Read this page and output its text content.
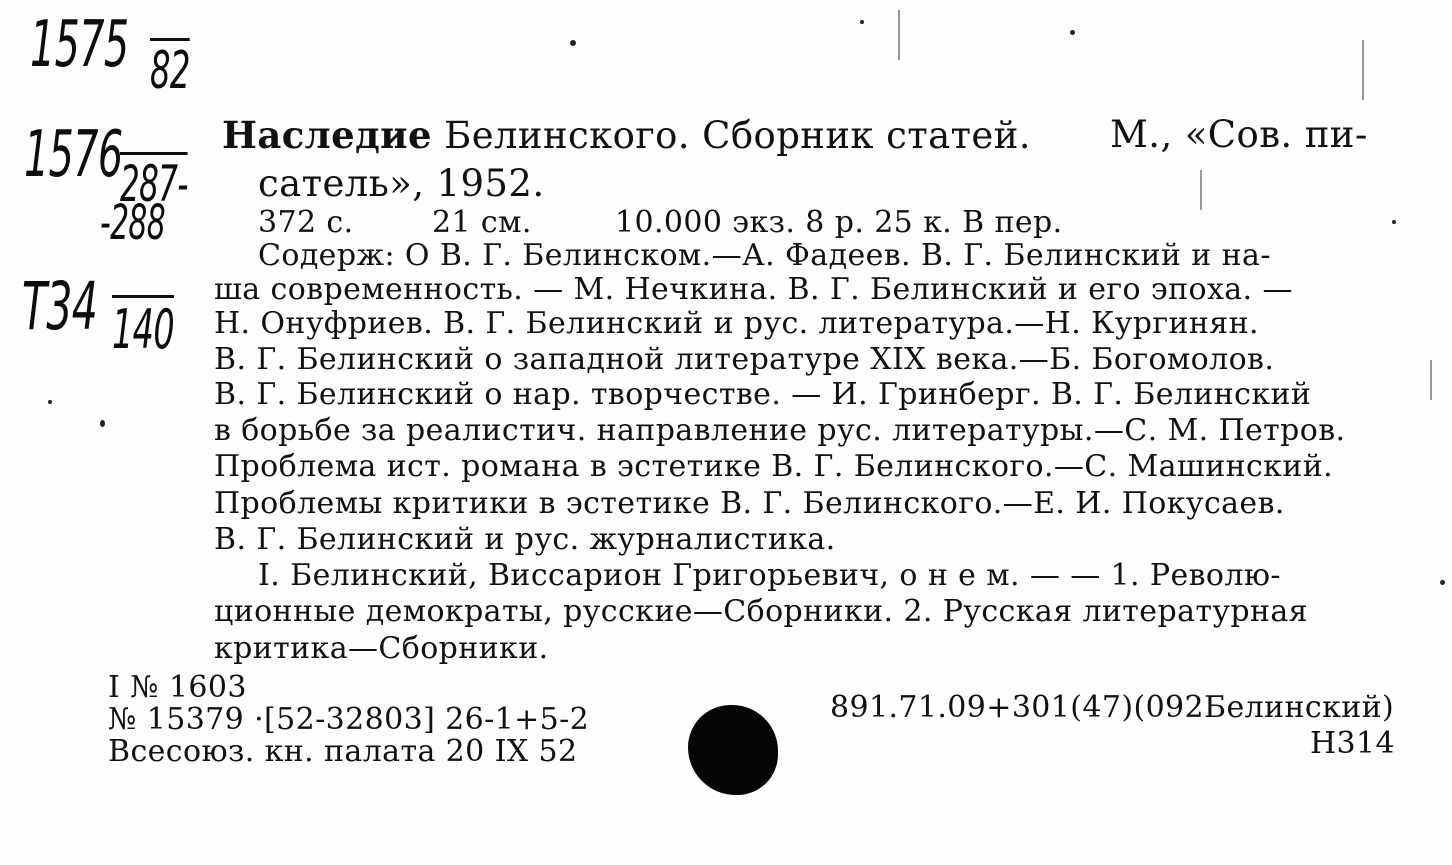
1575 82
1576
287-
-288
Т34 140
Наследие Белинского. Сборник статей. М., «Сов. пи-
сатель», 1952.
372 с.	21 см.	10.000 экз. 8 р. 25 к. В пер.
Содерж: О В. Г. Белинском.—А. Фадеев. В. Г. Белинский и на-
ша современность. — М. Нечкина. В. Г. Белинский и его эпоха. —
Н. Онуфриев. В. Г. Белинский и рус. литература.—Н. Кургинян.
В. Г. Белинский о западной литературе XIX века.—Б. Богомолов.
В. Г. Белинский о нар. творчестве. — И. Гринберг. В. Г. Белинский
в борьбе за реалистич. направление рус. литературы.—С. М. Петров.
Проблема ист. романа в эстетике В. Г. Белинского.—С. Машинский.
Проблемы критики в эстетике В. Г. Белинского.—Е. И. Покусаев.
В. Г. Белинский и рус. журналистика.
I. Белинский, Виссарион Григорьевич, о н е м. — — 1. Револю-
ционные демократы, русские—Сборники. 2. Русская литературная
критика—Сборники.
I № 1603
№ 15379 ·[52-32803] 26-1+5-2
Всесоюз. кн. палата 20 IX 52
891.71.09+301(47)(092Белинский)
Н314
